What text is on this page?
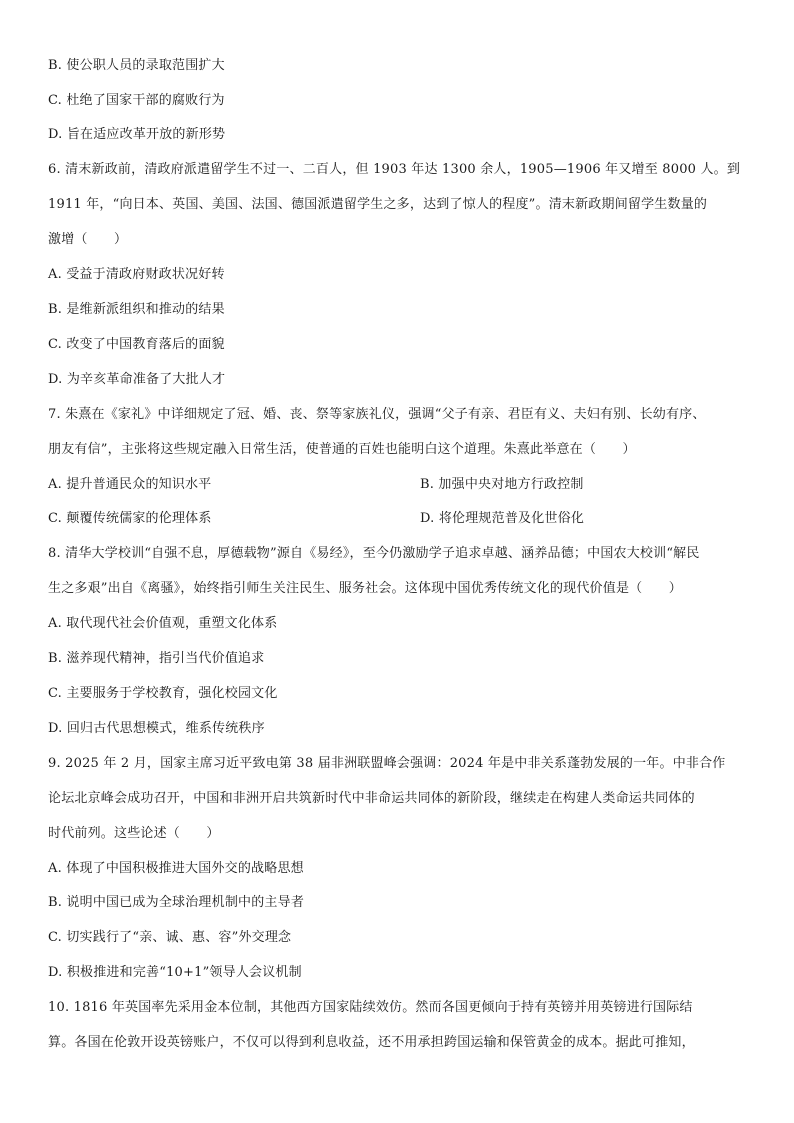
B. 使公职人员的录取范围扩大
C. 杜绝了国家干部的腐败行为
D. 旨在适应改革开放的新形势
6. 清末新政前，清政府派遣留学生不过一、二百人，但 1903 年达 1300 余人，1905—1906 年又增至 8000 人。到
1911 年，“向日本、英国、美国、法国、德国派遣留学生之多，达到了惊人的程度”。清末新政期间留学生数量的
激增（　　）
A. 受益于清政府财政状况好转
B. 是维新派组织和推动的结果
C. 改变了中国教育落后的面貌
D. 为辛亥革命准备了大批人才
7. 朱熹在《家礼》中详细规定了冠、婚、丧、祭等家族礼仪，强调“父子有亲、君臣有义、夫妇有别、长幼有序、
朋友有信”，主张将这些规定融入日常生活，使普通的百姓也能明白这个道理。朱熹此举意在（　　）
A. 提升普通民众的知识水平	B. 加强中央对地方行政控制
C. 颠覆传统儒家的伦理体系	D. 将伦理规范普及化世俗化
8. 清华大学校训“自强不息，厚德载物”源自《易经》，至今仍激励学子追求卓越、涵养品德；中国农大校训“解民
生之多艰”出自《离骚》，始终指引师生关注民生、服务社会。这体现中国优秀传统文化的现代价值是（　　）
A. 取代现代社会价值观，重塑文化体系
B. 滋养现代精神，指引当代价值追求
C. 主要服务于学校教育，强化校园文化
D. 回归古代思想模式，维系传统秩序
9. 2025 年 2 月，国家主席习近平致电第 38 届非洲联盟峰会强调：2024 年是中非关系蓬勃发展的一年。中非合作
论坛北京峰会成功召开，中国和非洲开启共筑新时代中非命运共同体的新阶段，继续走在构建人类命运共同体的
时代前列。这些论述（　　）
A. 体现了中国积极推进大国外交的战略思想
B. 说明中国已成为全球治理机制中的主导者
C. 切实践行了“亲、诚、惠、容”外交理念
D. 积极推进和完善“10+1”领导人会议机制
10. 1816 年英国率先采用金本位制，其他西方国家陆续效仿。然而各国更倾向于持有英镑并用英镑进行国际结
算。各国在伦敦开设英镑账户，不仅可以得到利息收益，还不用承担跨国运输和保管黄金的成本。据此可推知，
